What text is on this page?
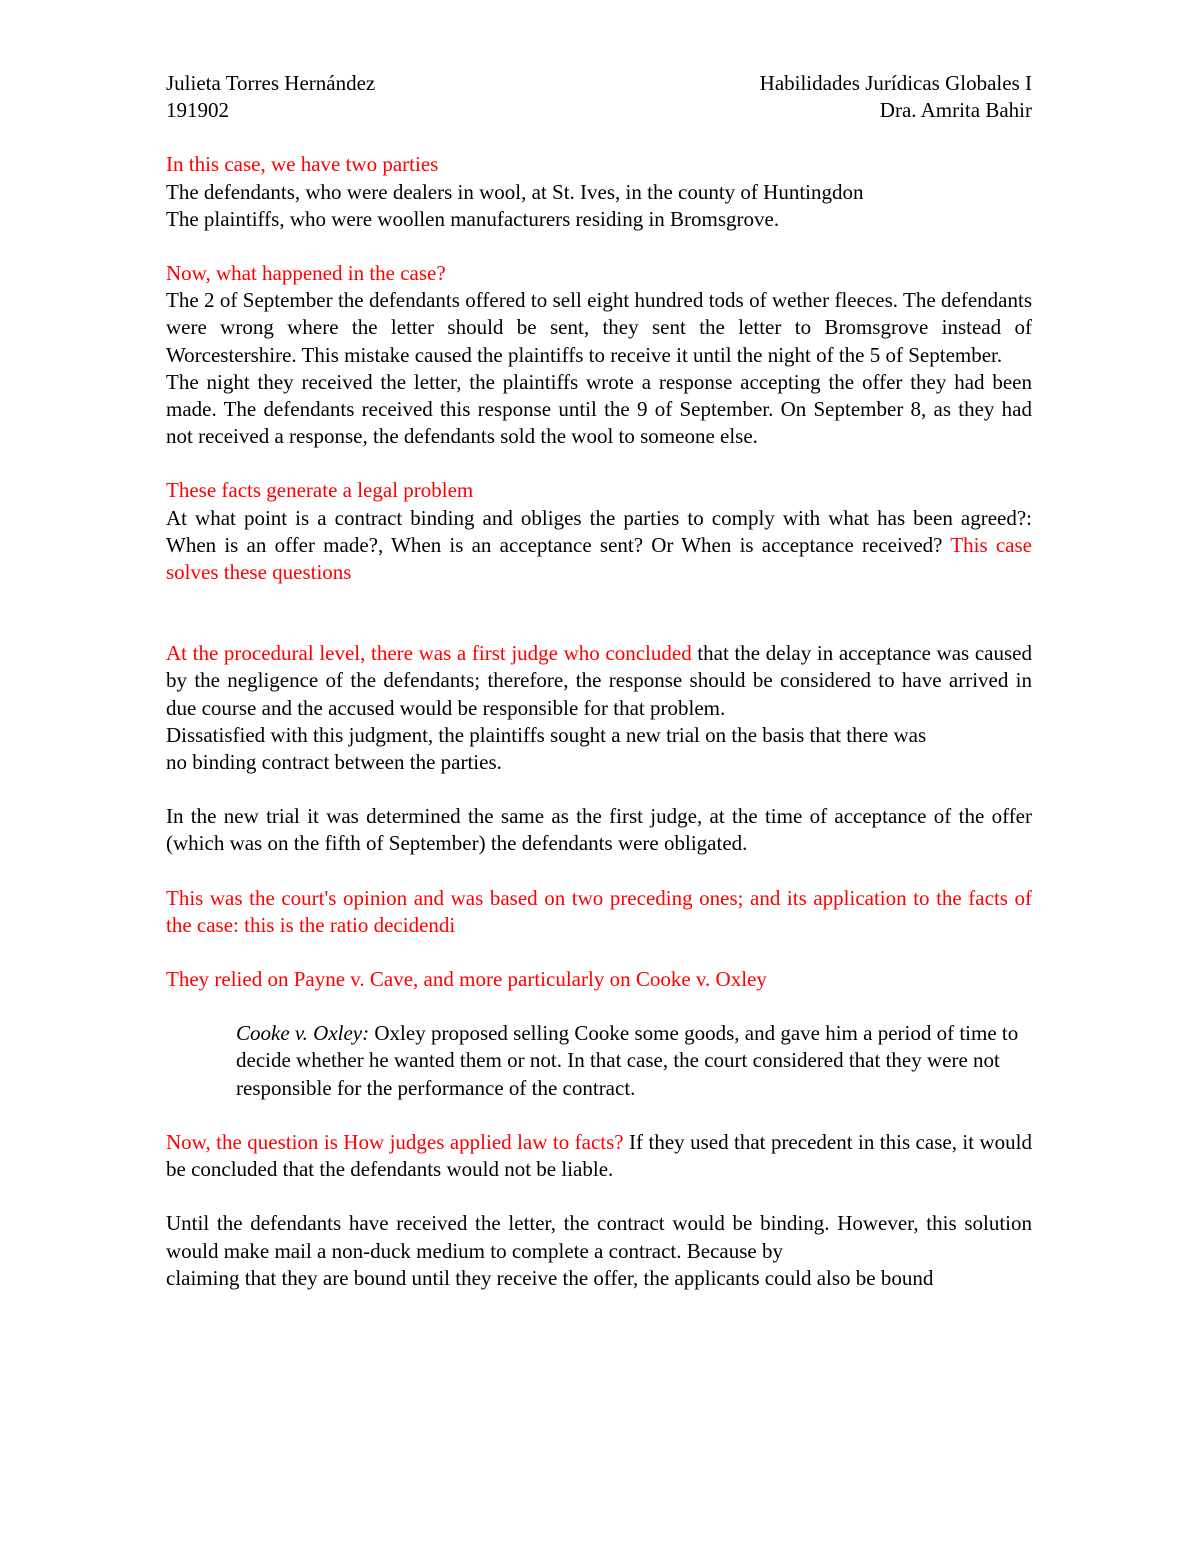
Julieta Torres Hernández	Habilidades Jurídicas Globales I
191902	Dra. Amrita Bahir

In this case, we have two parties

The defendants, who were dealers in wool, at St. Ives, in the county of Huntingdon

The plaintiffs, who were woollen manufacturers residing in Bromsgrove.

Now, what happened in the case?

The 2 of September the defendants offered to sell eight hundred tods of wether fleeces. The defendants were wrong where the letter should be sent, they sent the letter to Bromsgrove instead of Worcestershire. This mistake caused the plaintiffs to receive it until the night of the 5 of September.

The night they received the letter, the plaintiffs wrote a response accepting the offer they had been made. The defendants received this response until the 9 of September. On September 8, as they had not received a response, the defendants sold the wool to someone else.

These facts generate a legal problem

At what point is a contract binding and obliges the parties to comply with what has been agreed?: When is an offer made?, When is an acceptance sent? Or When is acceptance received? This case solves these questions

At the procedural level, there was a first judge who concluded that the delay in acceptance was caused by the negligence of the defendants; therefore, the response should be considered to have arrived in due course and the accused would be responsible for that problem.

Dissatisfied with this judgment, the plaintiffs sought a new trial on the basis that there was

no binding contract between the parties.

In the new trial it was determined the same as the first judge, at the time of acceptance of the offer (which was on the fifth of September) the defendants were obligated.

This was the court's opinion and was based on two preceding ones; and its application to the facts of the case: this is the ratio decidendi

They relied on Payne v. Cave, and more particularly on Cooke v. Oxley

Cooke v. Oxley: Oxley proposed selling Cooke some goods, and gave him a period of time to decide whether he wanted them or not. In that case, the court considered that they were not responsible for the performance of the contract.

Now, the question is How judges applied law to facts? If they used that precedent in this case, it would be concluded that the defendants would not be liable.

Until the defendants have received the letter, the contract would be binding. However, this solution would make mail a non-duck medium to complete a contract. Because by

claiming that they are bound until they receive the offer, the applicants could also be bound
